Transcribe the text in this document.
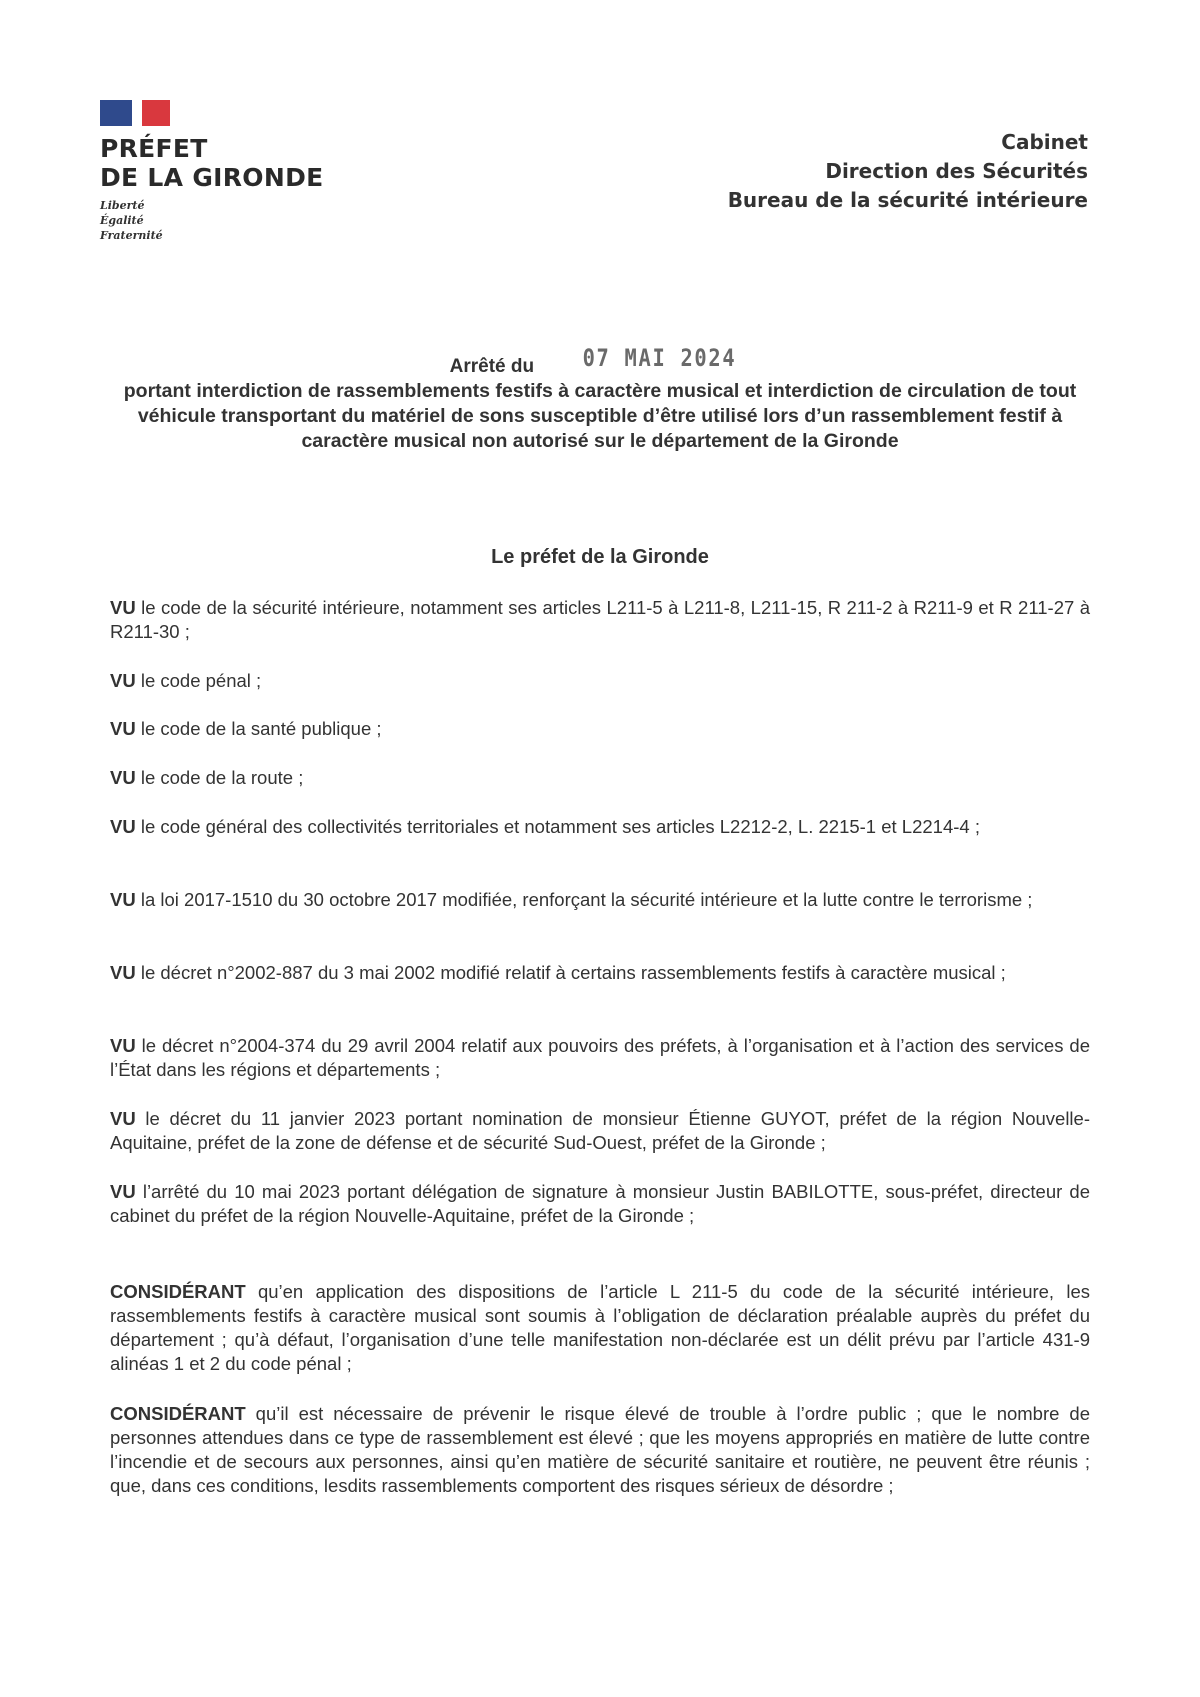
PRÉFET
DE LA GIRONDE
Liberté
Égalité
Fraternité
Cabinet
Direction des Sécurités
Bureau de la sécurité intérieure
Arrêté du 07 MAI 2024
portant interdiction de rassemblements festifs à caractère musical et interdiction de circulation de tout véhicule transportant du matériel de sons susceptible d’être utilisé lors d’un rassemblement festif à caractère musical non autorisé sur le département de la Gironde
Le préfet de la Gironde
VU le code de la sécurité intérieure, notamment ses articles L211-5 à L211-8, L211-15, R 211-2 à R211-9 et R 211-27 à R211-30 ;
VU le code pénal ;
VU le code de la santé publique ;
VU le code de la route ;
VU le code général des collectivités territoriales et notamment ses articles L2212-2, L. 2215-1 et L2214-4 ;
VU la loi 2017-1510 du 30 octobre 2017 modifiée, renforçant la sécurité intérieure et la lutte contre le terrorisme ;
VU le décret n°2002-887 du 3 mai 2002 modifié relatif à certains rassemblements festifs à caractère musical ;
VU le décret n°2004-374 du 29 avril 2004 relatif aux pouvoirs des préfets, à l’organisation et à l’action des services de l’État dans les régions et départements ;
VU le décret du 11 janvier 2023 portant nomination de monsieur Étienne GUYOT, préfet de la région Nouvelle-Aquitaine, préfet de la zone de défense et de sécurité Sud-Ouest, préfet de la Gironde ;
VU l’arrêté du 10 mai 2023 portant délégation de signature à monsieur Justin BABILOTTE, sous-préfet, directeur de cabinet du préfet de la région Nouvelle-Aquitaine, préfet de la Gironde ;
CONSIDÉRANT qu’en application des dispositions de l’article L 211-5 du code de la sécurité intérieure, les rassemblements festifs à caractère musical sont soumis à l’obligation de déclaration préalable auprès du préfet du département ; qu’à défaut, l’organisation d’une telle manifestation non-déclarée est un délit prévu par l’article 431-9 alinéas 1 et 2 du code pénal ;
CONSIDÉRANT qu’il est nécessaire de prévenir le risque élevé de trouble à l’ordre public ; que le nombre de personnes attendues dans ce type de rassemblement est élevé ; que les moyens appropriés en matière de lutte contre l’incendie et de secours aux personnes, ainsi qu’en matière de sécurité sanitaire et routière, ne peuvent être réunis ; que, dans ces conditions, lesdits rassemblements comportent des risques sérieux de désordre ;
